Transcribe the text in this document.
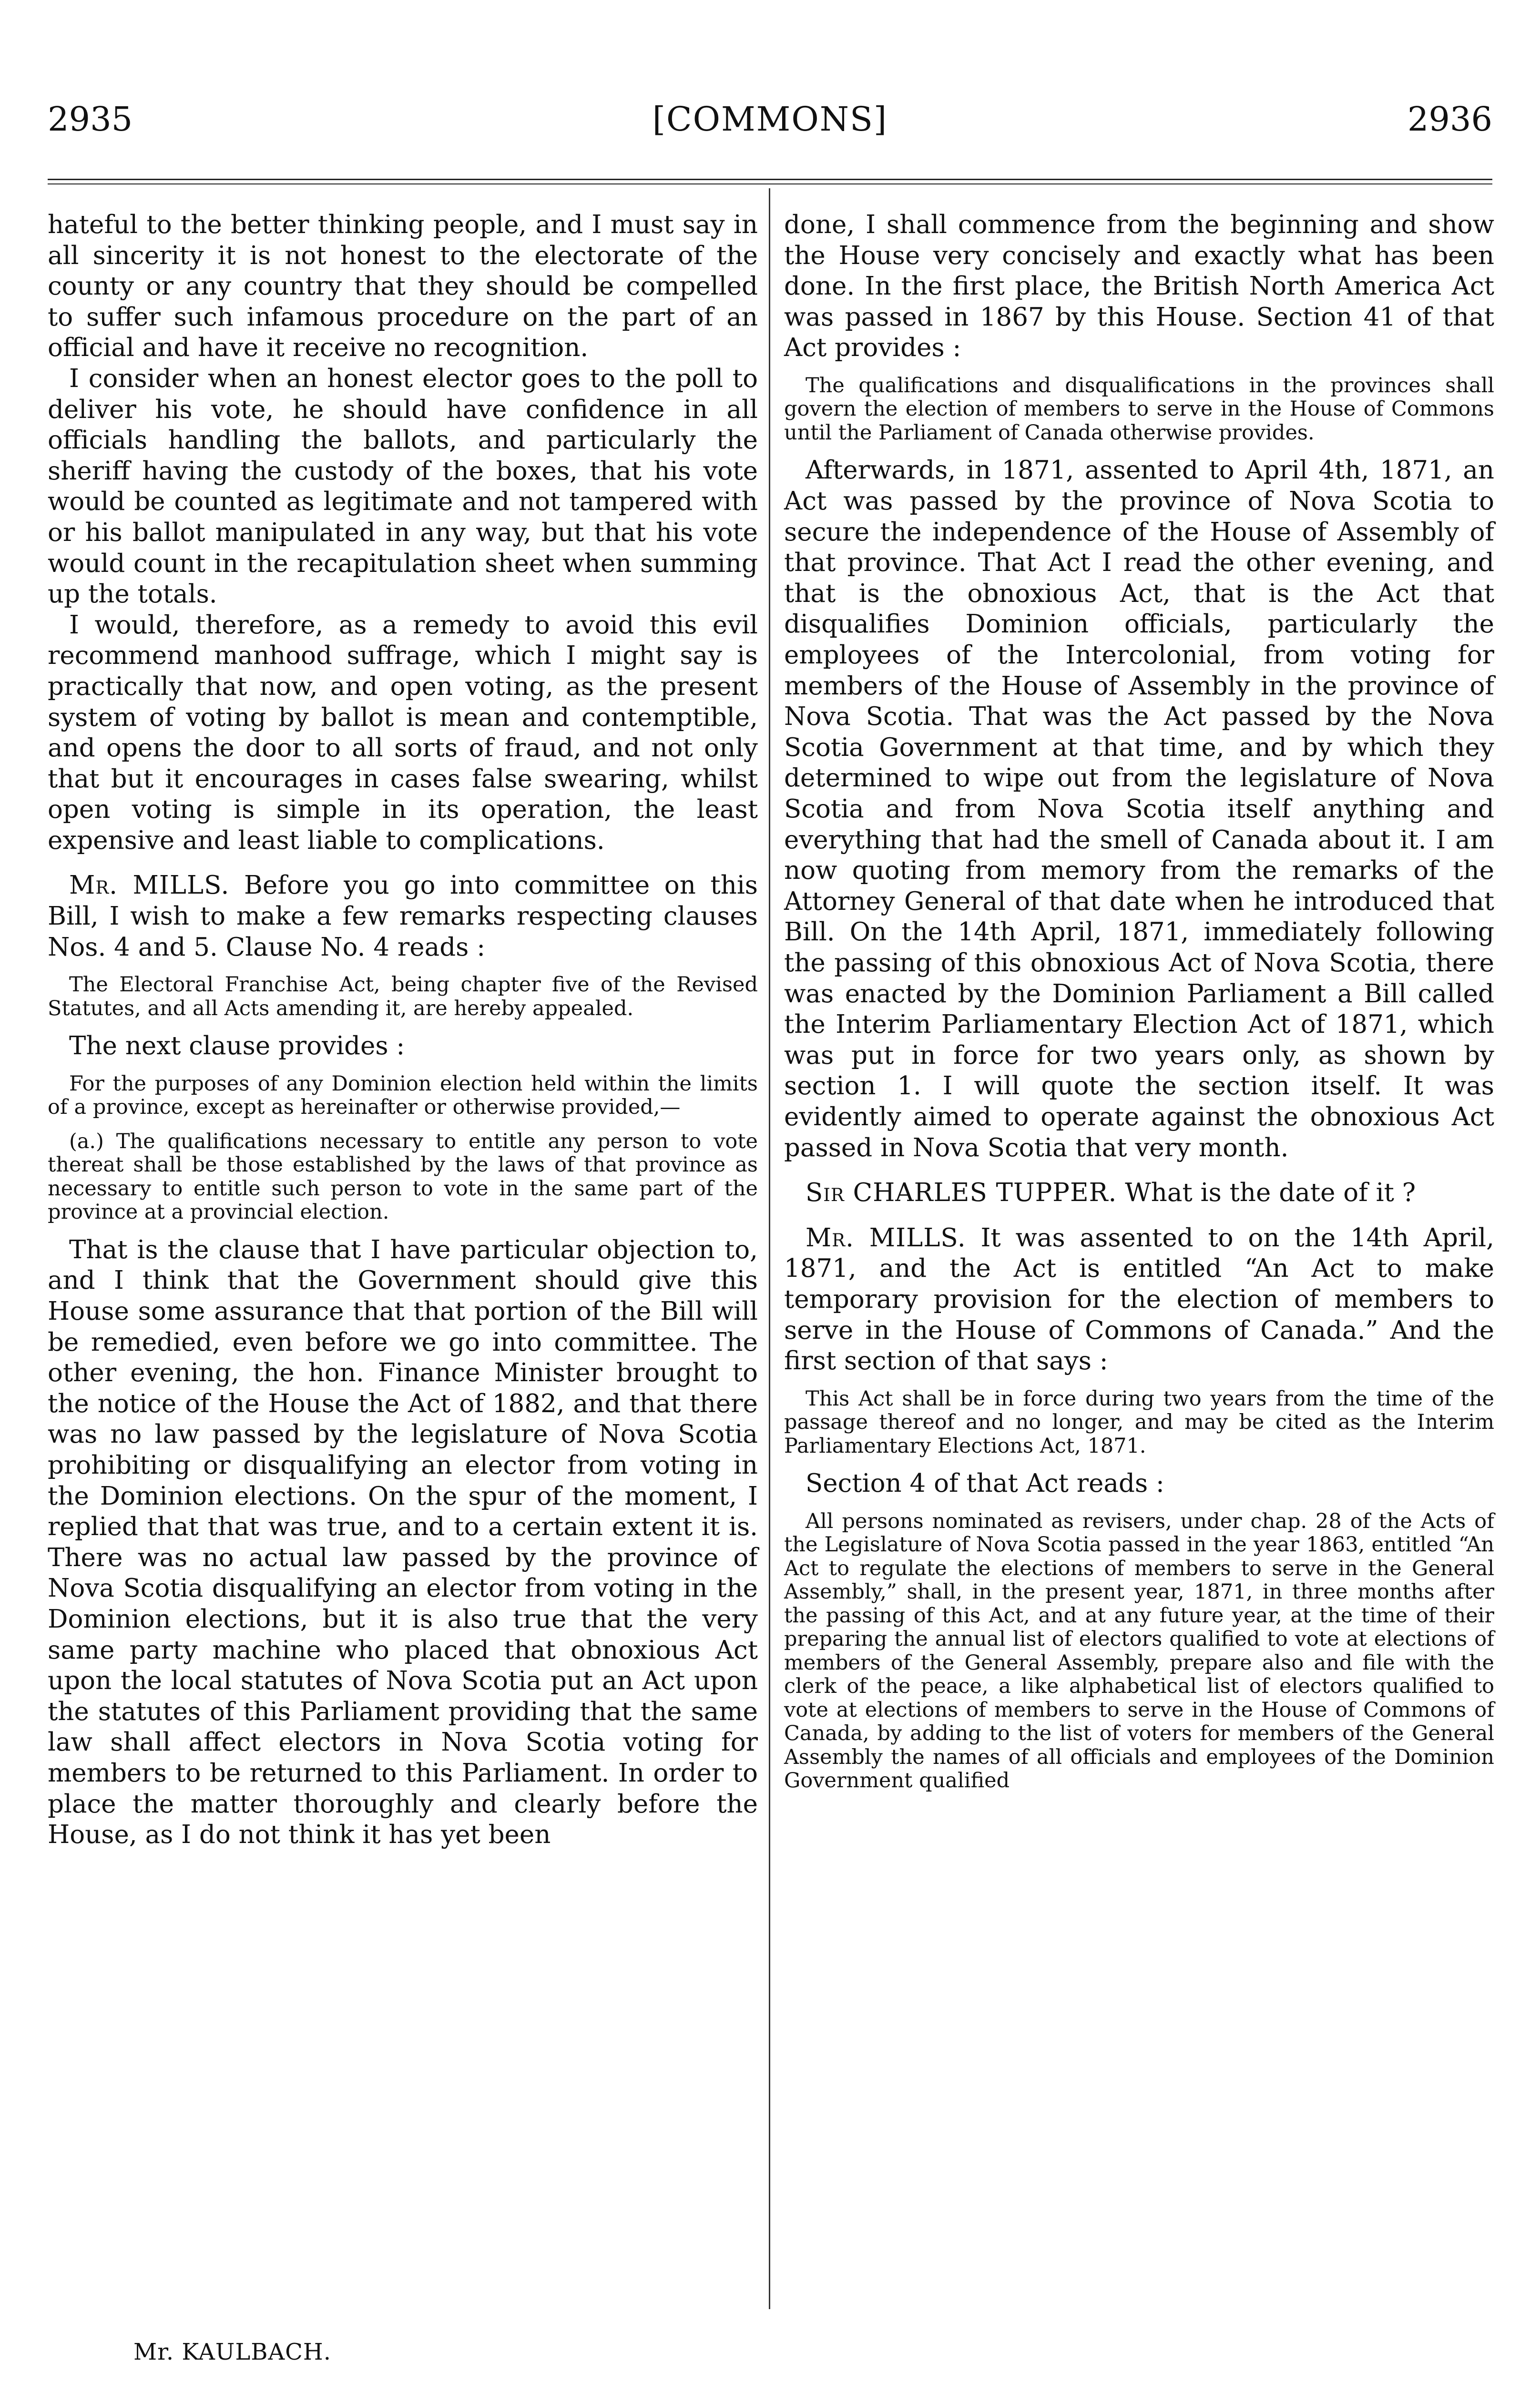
2935	[COMMONS]	2936

hateful to the better thinking people, and I must say in all sincerity it is not honest to the electorate of the county or any country that they should be compelled to suffer such infamous procedure on the part of an official and have it receive no recognition.

I consider when an honest elector goes to the poll to deliver his vote, he should have confidence in all officials handling the ballots, and particularly the sheriff having the custody of the boxes, that his vote would be counted as legitimate and not tampered with or his ballot manipulated in any way, but that his vote would count in the recapitulation sheet when summing up the totals.

I would, therefore, as a remedy to avoid this evil recommend manhood suffrage, which I might say is practically that now, and open voting, as the present system of voting by ballot is mean and contemptible, and opens the door to all sorts of fraud, and not only that but it encourages in cases false swearing, whilst open voting is simple in its operation, the least expensive and least liable to complications.

Mr. MILLS. Before you go into committee on this Bill, I wish to make a few remarks respecting clauses Nos. 4 and 5. Clause No. 4 reads :

The Electoral Franchise Act, being chapter five of the Revised Statutes, and all Acts amending it, are hereby appealed.

The next clause provides :

For the purposes of any Dominion election held within the limits of a province, except as hereinafter or otherwise provided,—

(a.) The qualifications necessary to entitle any person to vote thereat shall be those established by the laws of that province as necessary to entitle such person to vote in the same part of the province at a provincial election.

That is the clause that I have particular objection to, and I think that the Government should give this House some assurance that that portion of the Bill will be remedied, even before we go into committee. The other evening, the hon. Finance Minister brought to the notice of the House the Act of 1882, and that there was no law passed by the legislature of Nova Scotia prohibiting or disqualifying an elector from voting in the Dominion elections. On the spur of the moment, I replied that that was true, and to a certain extent it is. There was no actual law passed by the province of Nova Scotia disqualifying an elector from voting in the Dominion elections, but it is also true that the very same party machine who placed that obnoxious Act upon the local statutes of Nova Scotia put an Act upon the statutes of this Parliament providing that the same law shall affect electors in Nova Scotia voting for members to be returned to this Parliament. In order to place the matter thoroughly and clearly before the House, as I do not think it has yet been

done, I shall commence from the beginning and show the House very concisely and exactly what has been done. In the first place, the British North America Act was passed in 1867 by this House. Section 41 of that Act provides :

The qualifications and disqualifications in the provinces shall govern the election of members to serve in the House of Commons until the Parliament of Canada otherwise provides.

Afterwards, in 1871, assented to April 4th, 1871, an Act was passed by the province of Nova Scotia to secure the independence of the House of Assembly of that province. That Act I read the other evening, and that is the obnoxious Act, that is the Act that disqualifies Dominion officials, particularly the employees of the Intercolonial, from voting for members of the House of Assembly in the province of Nova Scotia. That was the Act passed by the Nova Scotia Government at that time, and by which they determined to wipe out from the legislature of Nova Scotia and from Nova Scotia itself anything and everything that had the smell of Canada about it. I am now quoting from memory from the remarks of the Attorney General of that date when he introduced that Bill. On the 14th April, 1871, immediately following the passing of this obnoxious Act of Nova Scotia, there was enacted by the Dominion Parliament a Bill called the Interim Parliamentary Election Act of 1871, which was put in force for two years only, as shown by section 1. I will quote the section itself. It was evidently aimed to operate against the obnoxious Act passed in Nova Scotia that very month.

Sir CHARLES TUPPER. What is the date of it ?

Mr. MILLS. It was assented to on the 14th April, 1871, and the Act is entitled “An Act to make temporary provision for the election of members to serve in the House of Commons of Canada.” And the first section of that says :

This Act shall be in force during two years from the time of the passage thereof and no longer, and may be cited as the Interim Parliamentary Elections Act, 1871.

Section 4 of that Act reads :

All persons nominated as revisers, under chap. 28 of the Acts of the Legislature of Nova Scotia passed in the year 1863, entitled “An Act to regulate the elections of members to serve in the General Assembly,” shall, in the present year, 1871, in three months after the passing of this Act, and at any future year, at the time of their preparing the annual list of electors qualified to vote at elections of members of the General Assembly, prepare also and file with the clerk of the peace, a like alphabetical list of electors qualified to vote at elections of members to serve in the House of Commons of Canada, by adding to the list of voters for members of the General Assembly the names of all officials and employees of the Dominion Government qualified

Mr. KAULBACH.
